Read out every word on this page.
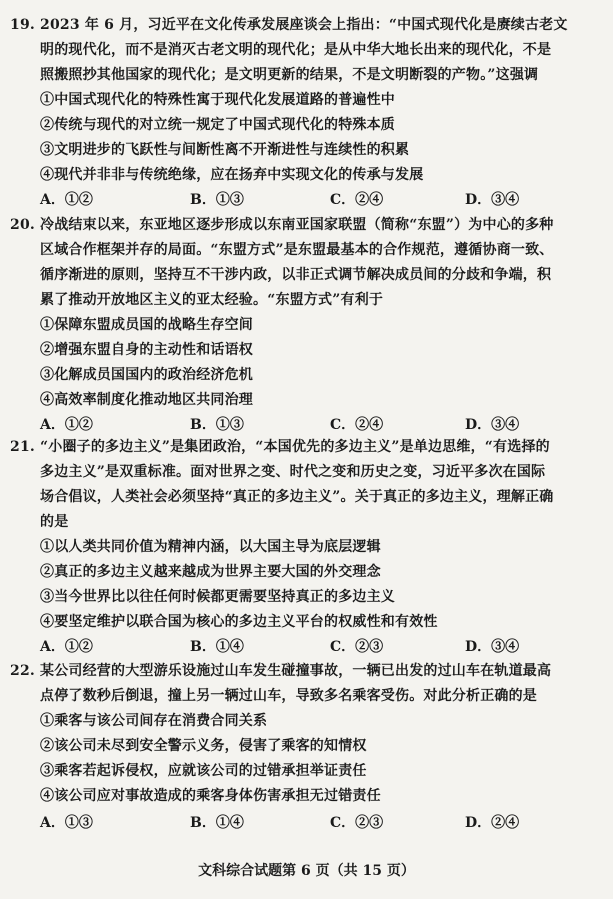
19. 2023 年 6 月，习近平在文化传承发展座谈会上指出：“中国式现代化是赓续古老文
明的现代化，而不是消灭古老文明的现代化；是从中华大地长出来的现代化，不是
照搬照抄其他国家的现代化；是文明更新的结果，不是文明断裂的产物。”这强调
①中国式现代化的特殊性寓于现代化发展道路的普遍性中
②传统与现代的对立统一规定了中国式现代化的特殊本质
③文明进步的飞跃性与间断性离不开渐进性与连续性的积累
④现代并非非与传统绝缘，应在扬弃中实现文化的传承与发展
A．①②	B．①③	C．②④	D．③④
20. 冷战结束以来，东亚地区逐步形成以东南亚国家联盟（简称“东盟”）为中心的多种
区域合作框架并存的局面。“东盟方式”是东盟最基本的合作规范，遵循协商一致、
循序渐进的原则，坚持互不干涉内政，以非正式调节解决成员间的分歧和争端，积
累了推动开放地区主义的亚太经验。“东盟方式”有利于
①保障东盟成员国的战略生存空间
②增强东盟自身的主动性和话语权
③化解成员国国内的政治经济危机
④高效率制度化推动地区共同治理
A．①②	B．①③	C．②④	D．③④
21. “小圈子的多边主义”是集团政治，“本国优先的多边主义”是单边思维，“有选择的
多边主义”是双重标准。面对世界之变、时代之变和历史之变，习近平多次在国际
场合倡议，人类社会必须坚持“真正的多边主义”。关于真正的多边主义，理解正确
的是
①以人类共同价值为精神内涵，以大国主导为底层逻辑
②真正的多边主义越来越成为世界主要大国的外交理念
③当今世界比以往任何时候都更需要坚持真正的多边主义
④要坚定维护以联合国为核心的多边主义平台的权威性和有效性
A．①②	B．①④	C．②③	D．③④
22. 某公司经营的大型游乐设施过山车发生碰撞事故，一辆已出发的过山车在轨道最高
点停了数秒后倒退，撞上另一辆过山车，导致多名乘客受伤。对此分析正确的是
①乘客与该公司间存在消费合同关系
②该公司未尽到安全警示义务，侵害了乘客的知情权
③乘客若起诉侵权，应就该公司的过错承担举证责任
④该公司应对事故造成的乘客身体伤害承担无过错责任
A．①③	B．①④	C．②③	D．②④
文科综合试题第 6 页（共 15 页）
